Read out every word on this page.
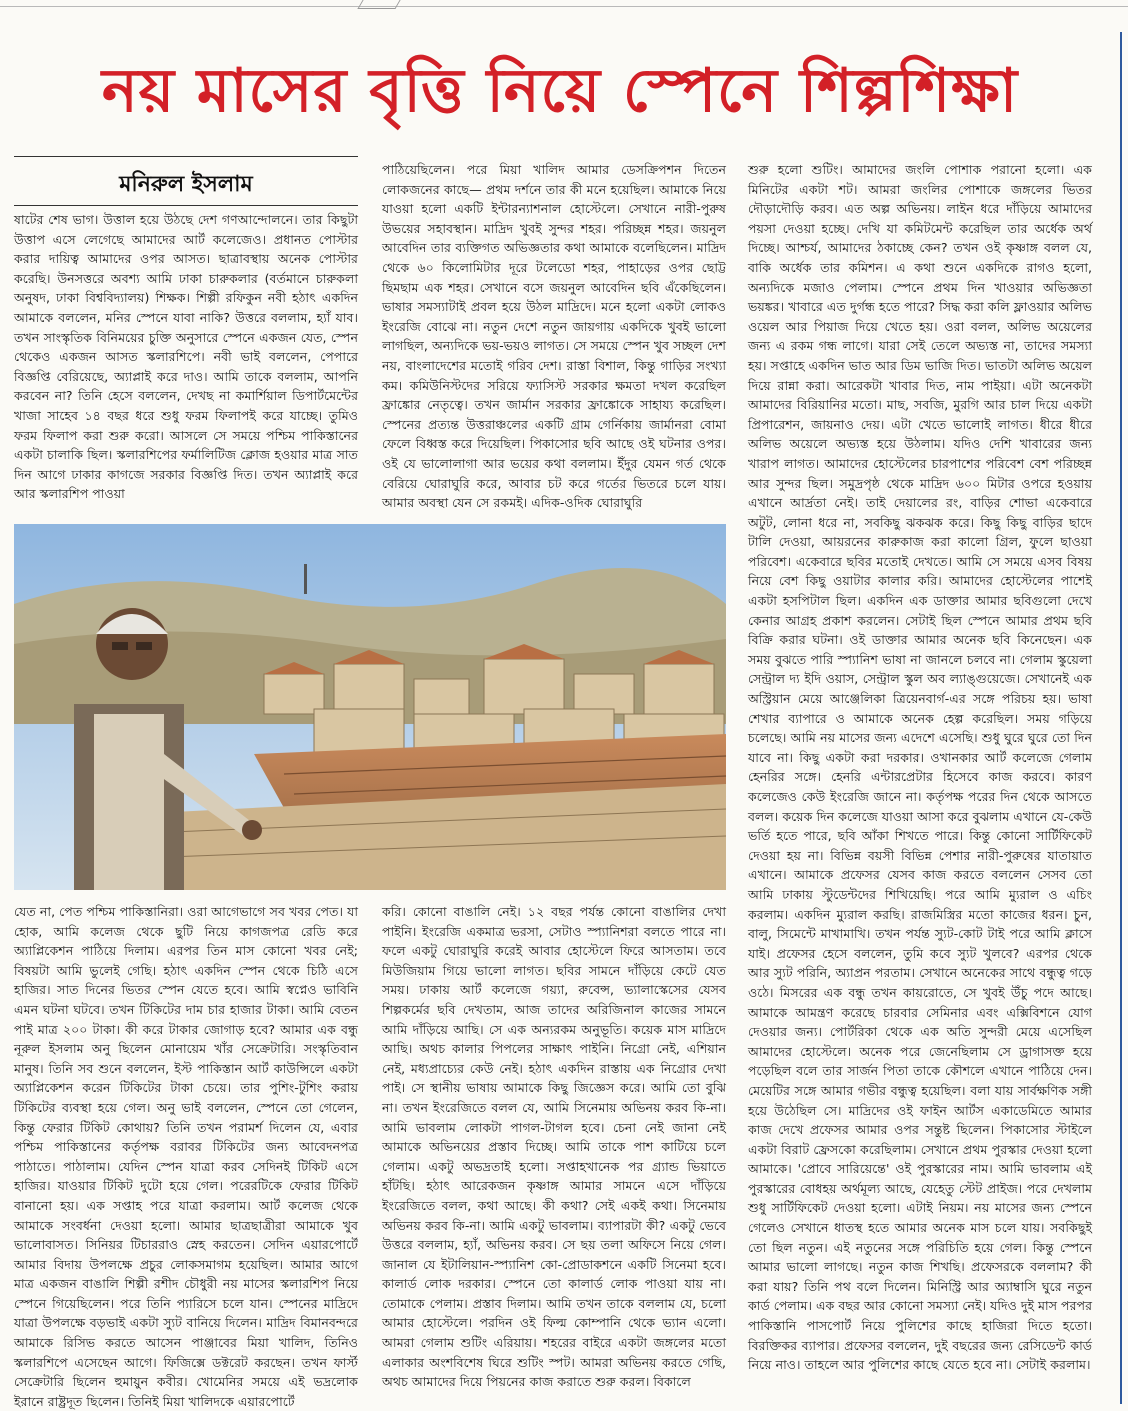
নয় মাসের বৃত্তি নিয়ে স্পেনে শিল্পশিক্ষা
মনিরুল ইসলাম

ষাটের শেষ ভাগ। উত্তাল হয়ে উঠছে দেশ গণআন্দোলনে। তার কিছুটা উত্তাপ এসে লেগেছে আমাদের আর্ট কলেজেও। প্রধানত পোস্টার করার দায়িত্ব আমাদের ওপর আসত। ছাত্রাবস্থায় অনেক পোস্টার করেছি। উনসত্তরে অবশ্য আমি ঢাকা চারুকলার (বর্তমানে চারুকলা অনুষদ, ঢাকা বিশ্ববিদ্যালয়) শিক্ষক। শিল্পী রফিকুন নবী হঠাৎ একদিন আমাকে বললেন, মনির স্পেনে যাবা নাকি? উত্তরে বললাম, হ্যাঁ যাব। তখন সাংস্কৃতিক বিনিময়ের চুক্তি অনুসারে স্পেনে একজন যেত, স্পেন থেকেও একজন আসত স্কলারশিপে। নবী ভাই বললেন, পেপারে বিজ্ঞপ্তি বেরিয়েছে, অ্যাপ্লাই করে দাও। আমি তাকে বললাম, আপনি করবেন না? তিনি হেসে বললেন, দেখছ না কমার্শিয়াল ডিপার্টমেন্টের খাজা সাহেব ১৪ বছর ধরে শুধু ফরম ফিলাপই করে যাচ্ছে। তুমিও ফরম ফিলাপ করা শুরু করো। আসলে সে সময়ে পশ্চিম পাকিস্তানের একটা চালাকি ছিল। স্কলারশিপের ফর্মালিটিজ ক্লোজ হওয়ার মাত্র সাত দিন আগে ঢাকার কাগজে সরকার বিজ্ঞপ্তি দিত। তখন অ্যাপ্লাই করে আর স্কলারশিপ পাওয়া

পাঠিয়েছিলেন। পরে মিয়া খালিদ আমার ডেসক্রিপশন দিতেন লোকজনের কাছে— প্রথম দর্শনে তার কী মনে হয়েছিল। আমাকে নিয়ে যাওয়া হলো একটি ইন্টারন্যাশনাল হোস্টেলে। সেখানে নারী-পুরুষ উভয়ের সহাবস্থান। মাদ্রিদ খুবই সুন্দর শহর। পরিচ্ছন্ন শহর। জয়নুল আবেদিন তার ব্যক্তিগত অভিজ্ঞতার কথা আমাকে বলেছিলেন। মাদ্রিদ থেকে ৬০ কিলোমিটার দূরে টলেডো শহর, পাহাড়ের ওপর ছোট্ট ছিমছাম এক শহর। সেখানে বসে জয়নুল আবেদিন ছবি এঁকেছিলেন। ভাষার সমস্যাটাই প্রবল হয়ে উঠল মাদ্রিদে। মনে হলো একটা লোকও ইংরেজি বোঝে না। নতুন দেশে নতুন জায়গায় একদিকে খুবই ভালো লাগছিল, অন্যদিকে ভয়-ভয়ও লাগত। সে সময়ে স্পেন খুব সচ্ছল দেশ নয়, বাংলাদেশের মতোই গরিব দেশ। রাস্তা বিশাল, কিন্তু গাড়ির সংখ্যা কম। কমিউনিস্টদের সরিয়ে ফ্যাসিস্ট সরকার ক্ষমতা দখল করেছিল ফ্রাঙ্কোর নেতৃত্বে। তখন জার্মান সরকার ফ্রাঙ্কোকে সাহায্য করেছিল। স্পেনের প্রত্যন্ত উত্তরাঞ্চলের একটি গ্রাম গের্নিকায় জার্মানরা বোমা ফেলে বিধ্বস্ত করে দিয়েছিল। পিকাসোর ছবি আছে ওই ঘটনার ওপর। ওই যে ভালোলাগা আর ভয়ের কথা বললাম। ইঁদুর যেমন গর্ত থেকে বেরিয়ে ঘোরাঘুরি করে, আবার চট করে গর্তের ভিতরে চলে যায়। আমার অবস্থা যেন সে রকমই। এদিক-ওদিক ঘোরাঘুরি

যেত না, পেত পশ্চিম পাকিস্তানিরা। ওরা আগেভাগে সব খবর পেত। যা হোক, আমি কলেজ থেকে ছুটি নিয়ে কাগজপত্র রেডি করে অ্যাপ্লিকেশন পাঠিয়ে দিলাম। এরপর তিন মাস কোনো খবর নেই; বিষয়টা আমি ভুলেই গেছি। হঠাৎ একদিন স্পেন থেকে চিঠি এসে হাজির। সাত দিনের ভিতর স্পেন যেতে হবে। আমি স্বপ্নেও ভাবিনি এমন ঘটনা ঘটবে। তখন টিকিটের দাম চার হাজার টাকা। আমি বেতন পাই মাত্র ২০০ টাকা। কী করে টাকার জোগাড় হবে? আমার এক বন্ধু নূরুল ইসলাম অনু ছিলেন মোনায়েম খাঁর সেক্রেটারি। সংস্কৃতিবান মানুষ। তিনি সব শুনে বললেন, ইস্ট পাকিস্তান আর্ট কাউন্সিলে একটা অ্যাপ্লিকেশন করেন টিকিটের টাকা চেয়ে। তার পুশিং-টুশিং করায় টিকিটের ব্যবস্থা হয়ে গেল। অনু ভাই বললেন, স্পেনে তো গেলেন, কিন্তু ফেরার টিকিট কোথায়? তিনি তখন পরামর্শ দিলেন যে, এবার পশ্চিম পাকিস্তানের কর্তৃপক্ষ বরাবর টিকিটের জন্য আবেদনপত্র পাঠাতে। পাঠালাম। যেদিন স্পেন যাত্রা করব সেদিনই টিকিট এসে হাজির। যাওয়ার টিকিট দুটো হয়ে গেল। পরেরটিকে ফেরার টিকিট বানানো হয়। এক সপ্তাহ পরে যাত্রা করলাম। আর্ট কলেজ থেকে আমাকে সংবর্ধনা দেওয়া হলো। আমার ছাত্রছাত্রীরা আমাকে খুব ভালোবাসত। সিনিয়র টিচাররাও স্নেহ করতেন। সেদিন এয়ারপোর্টে আমার বিদায় উপলক্ষে প্রচুর লোকসমাগম হয়েছিল। আমার আগে মাত্র একজন বাঙালি শিল্পী রশীদ চৌধুরী নয় মাসের স্কলারশিপ নিয়ে স্পেনে গিয়েছিলেন। পরে তিনি প্যারিসে চলে যান। স্পেনের মাদ্রিদে যাত্রা উপলক্ষে বড়ভাই একটা স্যুট বানিয়ে দিলেন। মাদ্রিদ বিমানবন্দরে আমাকে রিসিভ করতে আসেন পাঞ্জাবের মিয়া খালিদ, তিনিও স্কলারশিপে এসেছেন আগে। ফিজিক্সে ডক্টরেট করছেন। তখন ফার্স্ট সেক্রেটারি ছিলেন হুমায়ুন কবীর। খোমেনির সময়ে এই ভদ্রলোক ইরানে রাষ্ট্রদূত ছিলেন। তিনিই মিয়া খালিদকে এয়ারপোর্টে

করি। কোনো বাঙালি নেই। ১২ বছর পর্যন্ত কোনো বাঙালির দেখা পাইনি। ইংরেজি একমাত্র ভরসা, সেটাও স্প্যানিশরা বলতে পারে না। ফলে একটু ঘোরাঘুরি করেই আবার হোস্টেলে ফিরে আসতাম। তবে মিউজিয়াম গিয়ে ভালো লাগত। ছবির সামনে দাঁড়িয়ে কেটে যেত সময়। ঢাকায় আর্ট কলেজে গয়্যা, রুবেন্স, ভ্যালাস্কেসের যেসব শিল্পকর্মের ছবি দেখতাম, আজ তাদের অরিজিনাল কাজের সামনে আমি দাঁড়িয়ে আছি। সে এক অন্যরকম অনুভূতি। কয়েক মাস মাদ্রিদে আছি। অথচ কালার পিপলের সাক্ষাৎ পাইনি। নিগ্রো নেই, এশিয়ান নেই, মধ্যপ্রাচ্যের কেউ নেই। হঠাৎ একদিন রাস্তায় এক নিগ্রোর দেখা পাই। সে স্থানীয় ভাষায় আমাকে কিছু জিজ্ঞেস করে। আমি তো বুঝি না। তখন ইংরেজিতে বলল যে, আমি সিনেমায় অভিনয় করব কি-না। আমি ভাবলাম লোকটা পাগল-টাগল হবে। চেনা নেই জানা নেই আমাকে অভিনয়ের প্রস্তাব দিচ্ছে। আমি তাকে পাশ কাটিয়ে চলে গেলাম। একটু অভদ্রতাই হলো। সপ্তাহখানেক পর গ্র্যান্ড ভিয়াতে হাঁটছি। হঠাৎ আরেকজন কৃষ্ণাঙ্গ আমার সামনে এসে দাঁড়িয়ে ইংরেজিতে বলল, কথা আছে। কী কথা? সেই একই কথা। সিনেমায় অভিনয় করব কি-না। আমি একটু ভাবলাম। ব্যাপারটা কী? একটু ভেবে উত্তরে বললাম, হ্যাঁ, অভিনয় করব। সে ছয় তলা অফিসে নিয়ে গেল। জানাল যে ইটালিয়ান-স্প্যানিশ কো-প্রোডাকশনে একটি সিনেমা হবে। কালার্ড লোক দরকার। স্পেনে তো কালার্ড লোক পাওয়া যায় না। তোমাকে পেলাম। প্রস্তাব দিলাম। আমি তখন তাকে বললাম যে, চলো আমার হোস্টেলে। পরদিন ওই ফিল্ম কোম্পানি থেকে ভ্যান এলো। আমরা গেলাম শুটিং এরিয়ায়। শহরের বাইরে একটা জঙ্গলের মতো এলাকার অংশবিশেষ ঘিরে শুটিং স্পট। আমরা অভিনয় করতে গেছি, অথচ আমাদের দিয়ে পিয়নের কাজ করাতে শুরু করল। বিকালে

শুরু হলো শুটিং। আমাদের জংলি পোশাক পরানো হলো। এক মিনিটের একটা শট। আমরা জংলির পোশাকে জঙ্গলের ভিতর দৌড়াদৌড়ি করব। এত অল্প অভিনয়। লাইন ধরে দাঁড়িয়ে আমাদের পয়সা দেওয়া হচ্ছে। দেখি যা কমিটমেন্ট করেছিল তার অর্ধেক অর্থ দিচ্ছে। আশ্চর্য, আমাদের ঠকাচ্ছে কেন? তখন ওই কৃষ্ণাঙ্গ বলল যে, বাকি অর্ধেক তার কমিশন। এ কথা শুনে একদিকে রাগও হলো, অন্যদিকে মজাও পেলাম। স্পেনে প্রথম দিন খাওয়ার অভিজ্ঞতা ভয়ঙ্কর। খাবারে এত দুর্গন্ধ হতে পারে? সিদ্ধ করা কলি ফ্লাওয়ার অলিভ ওয়েল আর পিয়াজ দিয়ে খেতে হয়। ওরা বলল, অলিভ অয়েলের জন্য এ রকম গন্ধ লাগে। যারা সেই তেলে অভ্যস্ত না, তাদের সমস্যা হয়। সপ্তাহে একদিন ভাত আর ডিম ভাজি দিত। ভাতটা অলিভ অয়েল দিয়ে রান্না করা। আরেকটা খাবার দিত, নাম পাইয়া। এটা অনেকটা আমাদের বিরিয়ানির মতো। মাছ, সবজি, মুরগি আর চাল দিয়ে একটা প্রিপারেশন, জায়নাও দেয়। এটা খেতে ভালোই লাগত। ধীরে ধীরে অলিভ অয়েলে অভ্যস্ত হয়ে উঠলাম। যদিও দেশি খাবারের জন্য খারাপ লাগত। আমাদের হোস্টেলের চারপাশের পরিবেশ বেশ পরিচ্ছন্ন আর সুন্দর ছিল। সমুদ্রপৃষ্ঠ থেকে মাদ্রিদ ৬০০ মিটার ওপরে হওয়ায় এখানে আর্দ্রতা নেই। তাই দেয়ালের রং, বাড়ির শোভা একেবারে অটুট, লোনা ধরে না, সবকিছু ঝকঝক করে। কিছু কিছু বাড়ির ছাদে টালি দেওয়া, আয়রনের কারুকাজ করা কালো গ্রিল, ফুলে ছাওয়া পরিবেশ। একেবারে ছবির মতোই দেখতে। আমি সে সময়ে এসব বিষয় নিয়ে বেশ কিছু ওয়াটার কালার করি। আমাদের হোস্টেলের পাশেই একটা হসপিটাল ছিল। একদিন এক ডাক্তার আমার ছবিগুলো দেখে কেনার আগ্রহ প্রকাশ করলেন। সেটাই ছিল স্পেনে আমার প্রথম ছবি বিক্রি করার ঘটনা। ওই ডাক্তার আমার অনেক ছবি কিনেছেন। এক সময় বুঝতে পারি স্প্যানিশ ভাষা না জানলে চলবে না। গেলাম স্কুয়েলা সেন্ট্রাল দ্য ইদি ওয়াস, সেন্ট্রাল স্কুল অব ল্যাঙ্গুয়েজে। সেখানেই এক অস্ট্রিয়ান মেয়ে আঞ্জেলিকা ত্রিয়েনবার্গ-এর সঙ্গে পরিচয় হয়। ভাষা শেখার ব্যাপারে ও আমাকে অনেক হেল্প করেছিল। সময় গড়িয়ে চলেছে। আমি নয় মাসের জন্য এদেশে এসেছি। শুধু ঘুরে ঘুরে তো দিন যাবে না। কিছু একটা করা দরকার। ওখানকার আর্ট কলেজে গেলাম হেনরির সঙ্গে। হেনরি এন্টারপ্রেটার হিসেবে কাজ করবে। কারণ কলেজেও কেউ ইংরেজি জানে না। কর্তৃপক্ষ পরের দিন থেকে আসতে বলল। কয়েক দিন কলেজে যাওয়া আসা করে বুঝলাম এখানে যে-কেউ ভর্তি হতে পারে, ছবি আঁকা শিখতে পারে। কিন্তু কোনো সার্টিফিকেট দেওয়া হয় না। বিভিন্ন বয়সী বিভিন্ন পেশার নারী-পুরুষের যাতায়াত এখানে। আমাকে প্রফেসর যেসব কাজ করতে বললেন সেসব তো আমি ঢাকায় স্টুডেন্টদের শিখিয়েছি। পরে আমি ম্যুরাল ও এচিং করলাম। একদিন ম্যুরাল করছি। রাজমিস্ত্রির মতো কাজের ধরন। চুন, বালু, সিমেন্টে মাখামাখি। তখন পর্যন্ত স্যুট-কোট টাই পরে আমি ক্লাসে যাই। প্রফেসর হেসে বললেন, তুমি কবে স্যুট খুলবে? এরপর থেকে আর স্যুট পরিনি, অ্যাপ্রন পরতাম। সেখানে অনেকের সাথে বন্ধুত্ব গড়ে ওঠে। মিসরের এক বন্ধু তখন কায়রোতে, সে খুবই উঁচু পদে আছে। আমাকে আমন্ত্রণ করেছে চারবার সেমিনার এবং এক্সিবিশনে যোগ দেওয়ার জন্য। পোর্টরিকা থেকে এক অতি সুন্দরী মেয়ে এসেছিল আমাদের হোস্টেলে। অনেক পরে জেনেছিলাম সে ড্রাগাসক্ত হয়ে পড়েছিল বলে তার সার্জন পিতা তাকে কৌশলে এখানে পাঠিয়ে দেন। মেয়েটির সঙ্গে আমার গভীর বন্ধুত্ব হয়েছিল। বলা যায় সার্বক্ষণিক সঙ্গী হয়ে উঠেছিল সে। মাদ্রিদের ওই ফাইন আর্টস একাডেমিতে আমার কাজ দেখে প্রফেসর আমার ওপর সন্তুষ্ট ছিলেন। পিকাসোর স্টাইলে একটা বিরাট ফ্রেসকো করেছিলাম। সেখানে প্রথম পুরস্কার দেওয়া হলো আমাকে। 'প্রোবে সারিয়েন্তে' ওই পুরস্কারের নাম। আমি ভাবলাম এই পুরস্কারের বোধহয় অর্থমূল্য আছে, যেহেতু স্টেট প্রাইজ। পরে দেখলাম শুধু সার্টিফিকেট দেওয়া হলো। এটাই নিয়ম। নয় মাসের জন্য স্পেনে গেলেও সেখানে ধাতস্থ হতে আমার অনেক মাস চলে যায়। সবকিছুই তো ছিল নতুন। এই নতুনের সঙ্গে পরিচিতি হয়ে গেল। কিন্তু স্পেনে আমার ভালো লাগছে। নতুন কাজ শিখছি। প্রফেসরকে বললাম? কী করা যায়? তিনি পথ বলে দিলেন। মিনিস্ট্রি আর অ্যাম্বাসি ঘুরে নতুন কার্ড পেলাম। এক বছর আর কোনো সমস্যা নেই। যদিও দুই মাস পরপর পাকিস্তানি পাসপোর্ট নিয়ে পুলিশের কাছে হাজিরা দিতে হতো। বিরক্তিকর ব্যাপার। প্রফেসর বললেন, দুই বছরের জন্য রেসিডেন্ট কার্ড নিয়ে নাও। তাহলে আর পুলিশের কাছে যেতে হবে না। সেটাই করলাম।
